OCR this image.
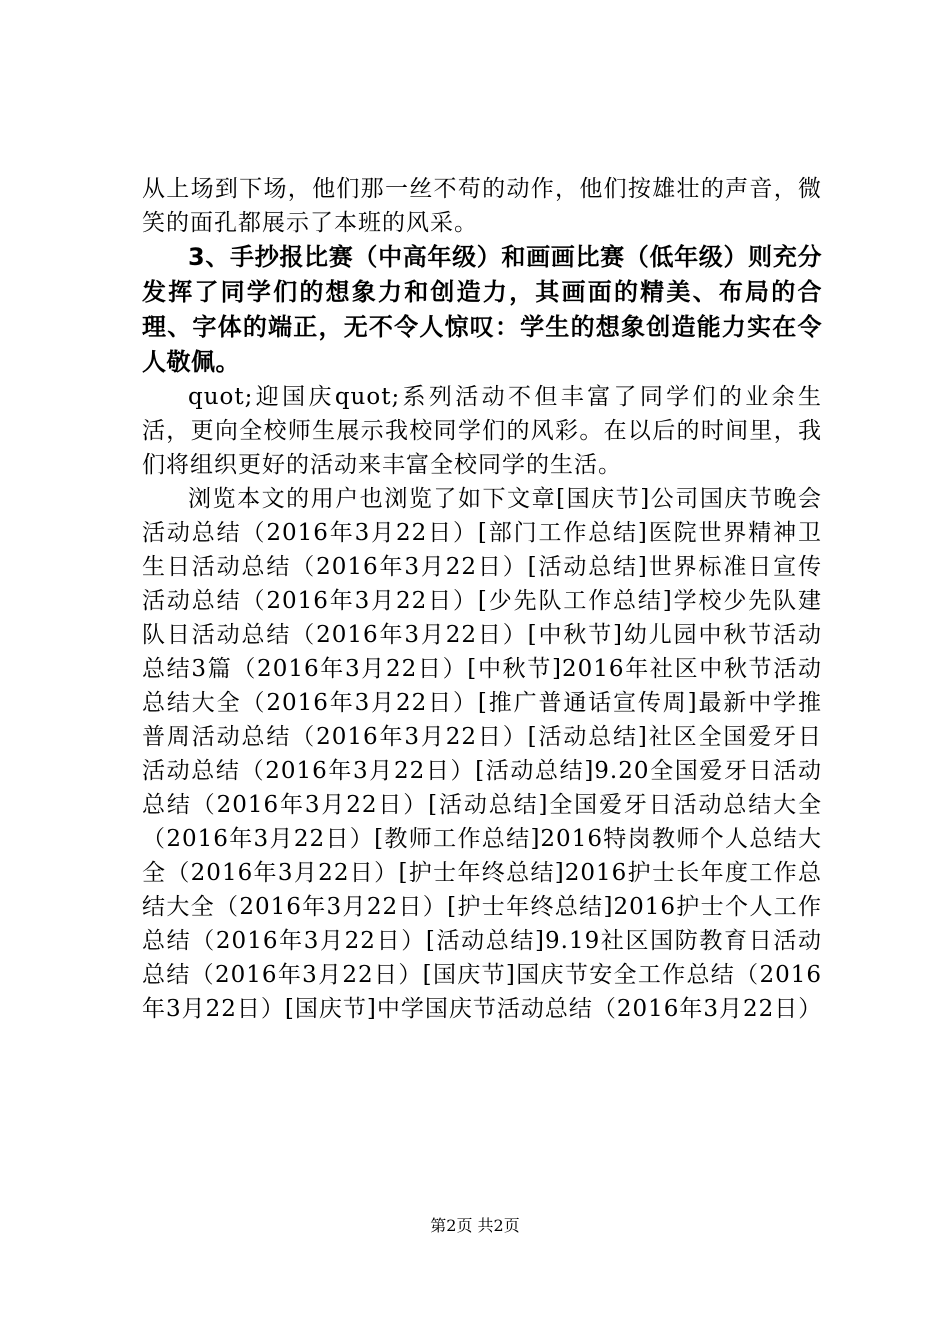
从上场到下场，他们那一丝不苟的动作，他们按雄壮的声音，微笑的面孔都展示了本班的风采。

3、手抄报比赛（中高年级）和画画比赛（低年级）则充分发挥了同学们的想象力和创造力，其画面的精美、布局的合理、字体的端正，无不令人惊叹：学生的想象创造能力实在令人敬佩。

quot;迎国庆quot;系列活动不但丰富了同学们的业余生活，更向全校师生展示我校同学们的风彩。在以后的时间里，我们将组织更好的活动来丰富全校同学的生活。

浏览本文的用户也浏览了如下文章[国庆节]公司国庆节晚会活动总结（2016年3月22日）[部门工作总结]医院世界精神卫生日活动总结（2016年3月22日）[活动总结]世界标准日宣传活动总结（2016年3月22日）[少先队工作总结]学校少先队建队日活动总结（2016年3月22日）[中秋节]幼儿园中秋节活动总结3篇（2016年3月22日）[中秋节]2016年社区中秋节活动总结大全（2016年3月22日）[推广普通话宣传周]最新中学推普周活动总结（2016年3月22日）[活动总结]社区全国爱牙日活动总结（2016年3月22日）[活动总结]9.20全国爱牙日活动总结（2016年3月22日）[活动总结]全国爱牙日活动总结大全（2016年3月22日）[教师工作总结]2016特岗教师个人总结大全（2016年3月22日）[护士年终总结]2016护士长年度工作总结大全（2016年3月22日）[护士年终总结]2016护士个人工作总结（2016年3月22日）[活动总结]9.19社区国防教育日活动总结（2016年3月22日）[国庆节]国庆节安全工作总结（2016年3月22日）[国庆节]中学国庆节活动总结（2016年3月22日）

第2页 共2页
